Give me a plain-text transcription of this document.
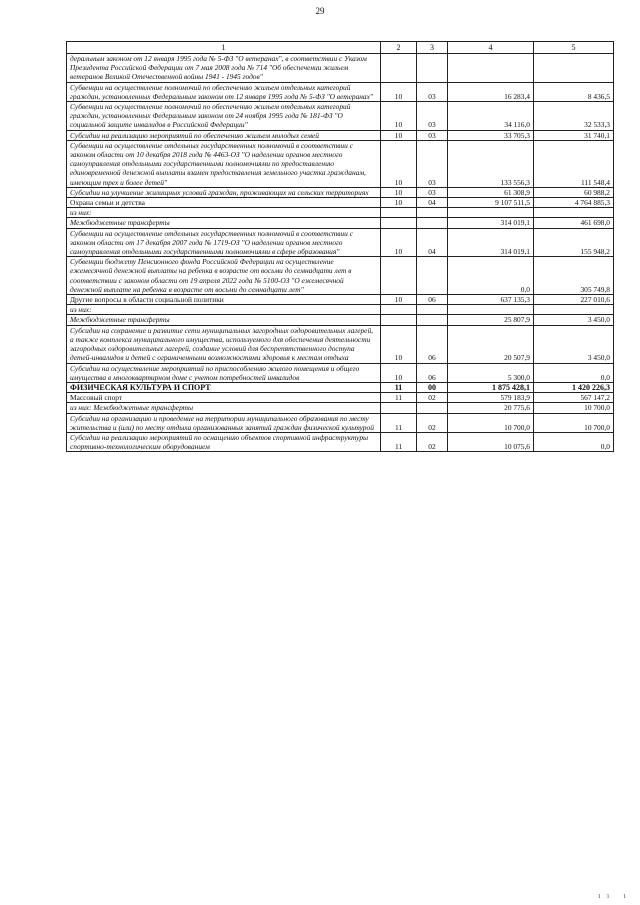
29
1	2	3	4	5
деральным законом от 12 января 1995 года № 5-ФЗ "О ветеранах", в соответствии с Указом Президента Российской Федерации от 7 мая 2008 года № 714 "Об обеспечении жильем ветеранов Великой Отечественной войны 1941 - 1945 годов"				
Субвенции на осуществление полномочий по обеспечению жильем отдельных категорий граждан, установленных Федеральным законом от 12 января 1995 года № 5-ФЗ "О ветеранах"	10	03	16 283,4	8 436,5
Субвенции на осуществление полномочий по обеспечению жильем отдельных категорий граждан, установленных Федеральным законом от 24 ноября 1995 года № 181-ФЗ "О социальной защите инвалидов в Российской Федерации"	10	03	34 116,0	32 533,3
Субсидии на реализацию мероприятий по обеспечению жильем молодых семей	10	03	33 705,3	31 740,1
Субвенции на осуществление отдельных государственных полномочий в соответствии с законом области от 10 декабря 2018 года № 4463-ОЗ "О наделении органов местного самоуправления отдельными государственными полномочиями по предоставлению единовременной денежной выплаты взамен предоставления земельного участка гражданам, имеющим трех и более детей"	10	03	133 556,3	111 548,4
Субсидии на улучшение жилищных условий граждан, проживающих на сельских территориях	10	03	61 308,9	60 988,2
Охрана семьи и детства	10	04	9 107 511,5	4 764 885,3
из них:				
Межбюджетные трансферты			314 019,1	461 698,0
Субвенции на осуществление отдельных государственных полномочий в соответствии с законом области от 17 декабря 2007 года № 1719-ОЗ "О наделении органов местного самоуправления отдельными государственными полномочиями в сфере образования"	10	04	314 019,1	155 948,2
Субвенции бюджету Пенсионного фонда Российской Федерации на осуществление ежемесячной денежной выплаты на ребенка в возрасте от восьми до семнадцати лет в соответствии с законом области от 19 апреля 2022 года № 5100-ОЗ "О ежемесячной денежной выплате на ребенка в возрасте от восьми до семнадцати лет"			0,0	305 749,8
Другие вопросы в области социальной политики	10	06	637 135,3	227 010,6
из них:				
Межбюджетные трансферты			25 807,9	3 450,0
Субсидии на сохранение и развитие сети муниципальных загородных оздоровительных лагерей, а также комплекса муниципального имущества, используемого для обеспечения деятельности загородных оздоровительных лагерей, создание условий для беспрепятственного доступа детей-инвалидов и детей с ограниченными возможностями здоровья к местам отдыха	10	06	20 507,9	3 450,0
Субсидии на осуществление мероприятий по приспособлению жилого помещения и общего имущества в многоквартирном доме с учетом потребностей инвалидов	10	06	5 300,0	0,0
ФИЗИЧЕСКАЯ КУЛЬТУРА И СПОРТ	11	00	1 875 428,1	1 420 226,3
Массовый спорт	11	02	579 183,9	567 147,2
из них: Межбюджетные трансферты			20 775,6	10 700,0
Субсидии на организацию и проведение на территории муниципального образования по месту жительства и (или) по месту отдыха организованных занятий граждан физической культурой	11	02	10 700,0	10 700,0
Субсидии на реализацию мероприятий по оснащению объектов спортивной инфраструктуры спортивно-технологическим оборудованием	11	02	10 075,6	0,0
11 1
